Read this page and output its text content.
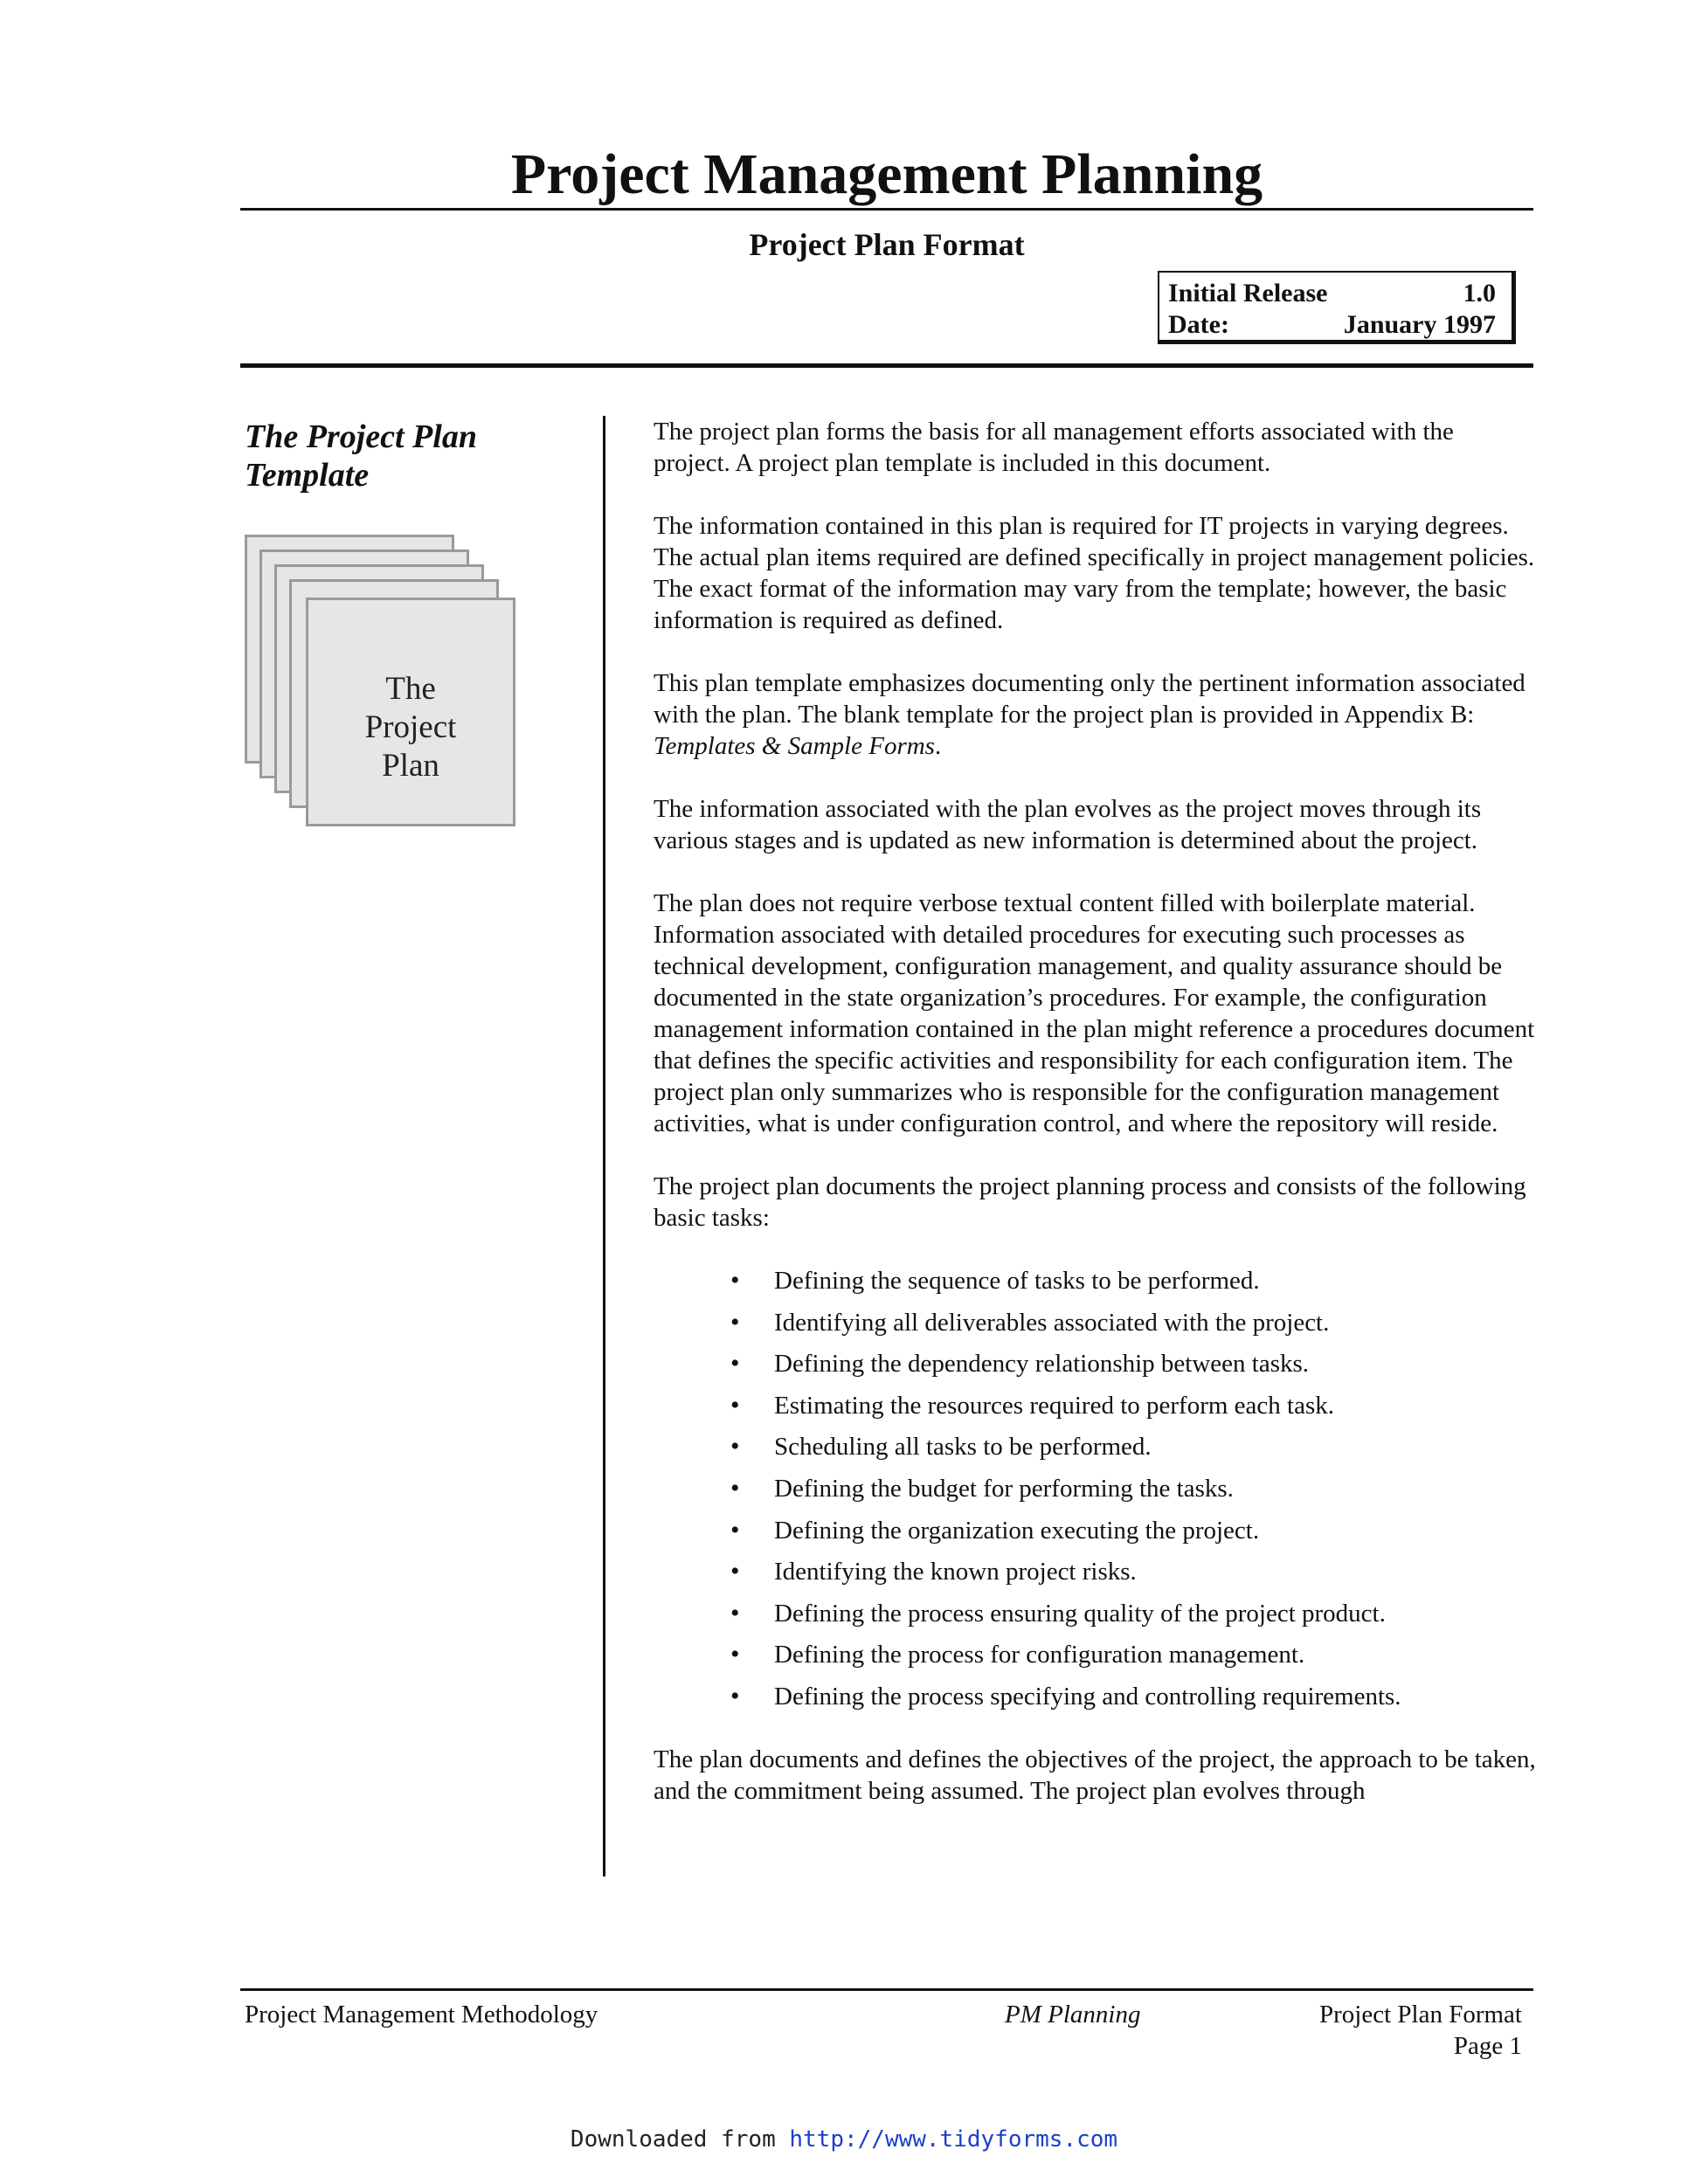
Project Management Planning
Project Plan Format
Initial Release	1.0
Date:	January 1997
The Project Plan
Template
The
Project
Plan

The project plan forms the basis for all management efforts associated with the project. A project plan template is included in this document.

The information contained in this plan is required for IT projects in varying degrees. The actual plan items required are defined specifically in project management policies. The exact format of the information may vary from the template; however, the basic information is required as defined.

This plan template emphasizes documenting only the pertinent information associated with the plan. The blank template for the project plan is provided in Appendix B: Templates & Sample Forms.

The information associated with the plan evolves as the project moves through its various stages and is updated as new information is determined about the project.

The plan does not require verbose textual content filled with boilerplate material. Information associated with detailed procedures for executing such processes as technical development, configuration management, and quality assurance should be documented in the state organization’s procedures. For example, the configuration management information contained in the plan might reference a procedures document that defines the specific activities and responsibility for each configuration item. The project plan only summarizes who is responsible for the configuration management activities, what is under configuration control, and where the repository will reside.

The project plan documents the project planning process and consists of the following basic tasks:

• Defining the sequence of tasks to be performed.
• Identifying all deliverables associated with the project.
• Defining the dependency relationship between tasks.
• Estimating the resources required to perform each task.
• Scheduling all tasks to be performed.
• Defining the budget for performing the tasks.
• Defining the organization executing the project.
• Identifying the known project risks.
• Defining the process ensuring quality of the project product.
• Defining the process for configuration management.
• Defining the process specifying and controlling requirements.

The plan documents and defines the objectives of the project, the approach to be taken, and the commitment being assumed. The project plan evolves through

Project Management Methodology	PM Planning	Project Plan Format
Page 1
Downloaded from http://www.tidyforms.com
